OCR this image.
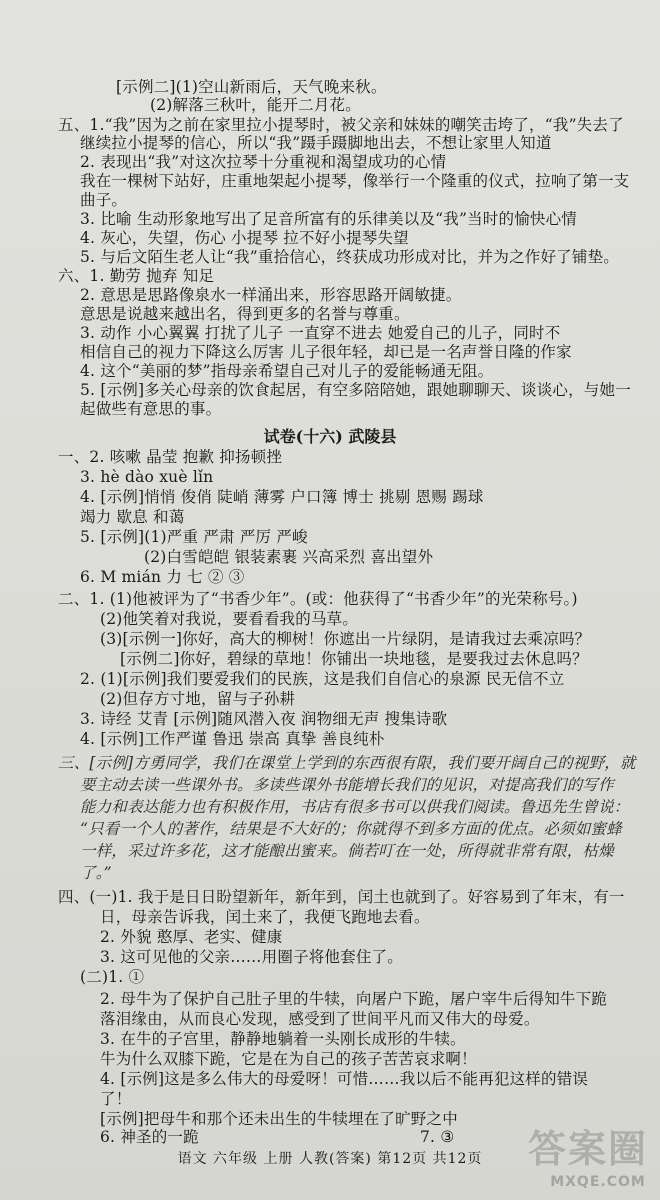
[示例二](1)空山新雨后，天气晚来秋。
(2)解落三秋叶，能开二月花。
五、1.“我”因为之前在家里拉小提琴时，被父亲和妹妹的嘲笑击垮了，“我”失去了
继续拉小提琴的信心，所以“我”蹑手蹑脚地出去，不想让家里人知道
2. 表现出“我”对这次拉琴十分重视和渴望成功的心情
我在一棵树下站好，庄重地架起小提琴，像举行一个隆重的仪式，拉响了第一支
曲子。
3. 比喻 生动形象地写出了足音所富有的乐律美以及“我”当时的愉快心情
4. 灰心，失望，伤心 小提琴 拉不好小提琴失望
5. 与后文陌生老人让“我”重拾信心，终获成功形成对比，并为之作好了铺垫。
六、1. 勤劳 抛弃 知足
2. 意思是思路像泉水一样涌出来，形容思路开阔敏捷。
意思是说越来越出名，得到更多的名誉与尊重。
3. 动作 小心翼翼 打扰了儿子 一直穿不进去 她爱自己的儿子，同时不
相信自己的视力下降这么厉害 儿子很年轻，却已是一名声誉日隆的作家
4. 这个“美丽的梦”指母亲希望自己对儿子的爱能畅通无阻。
5. [示例]多关心母亲的饮食起居，有空多陪陪她，跟她聊聊天、谈谈心，与她一
起做些有意思的事。
试卷(十六) 武陵县
一、2. 咳嗽 晶莹 抱歉 抑扬顿挫
3. hè dào xuè lǐn
4. [示例]悄悄 俊俏 陡峭 薄雾 户口簿 博士 挑剔 恩赐 踢球
竭力 歇息 和蔼
5. [示例](1)严重 严肃 严厉 严峻
(2)白雪皑皑 银装素裹 兴高采烈 喜出望外
6. M mián 力 七 ② ③
二、1. (1)他被评为了“书香少年”。(或：他获得了“书香少年”的光荣称号。)
(2)他笑着对我说，要看看我的马草。
(3)[示例一]你好，高大的柳树！你遮出一片绿阴，是请我过去乘凉吗？
[示例二]你好，碧绿的草地！你铺出一块地毯，是要我过去休息吗？
2. (1)[示例]我们要爱我们的民族，这是我们自信心的泉源 民无信不立
(2)但存方寸地，留与子孙耕
3. 诗经 艾青 [示例]随风潜入夜 润物细无声 搜集诗歌
4. [示例]工作严谨 鲁迅 崇高 真挚 善良纯朴
三、[示例]方勇同学，我们在课堂上学到的东西很有限，我们要开阔自己的视野，就
要主动去读一些课外书。多读些课外书能增长我们的见识，对提高我们的写作
能力和表达能力也有积极作用，书店有很多书可以供我们阅读。鲁迅先生曾说：
“只看一个人的著作，结果是不大好的；你就得不到多方面的优点。必须如蜜蜂
一样，采过许多花，这才能酿出蜜来。倘若叮在一处，所得就非常有限，枯燥
了。”
四、(一)1. 我于是日日盼望新年，新年到，闰土也就到了。好容易到了年末，有一
日，母亲告诉我，闰土来了，我便飞跑地去看。
2. 外貌 憨厚、老实、健康
3. 这可见他的父亲……用圈子将他套住了。
(二)1. ①
2. 母牛为了保护自己肚子里的牛犊，向屠户下跪，屠户宰牛后得知牛下跪
落泪缘由，从而良心发现，感受到了世间平凡而又伟大的母爱。
3. 在牛的子宫里，静静地躺着一头刚长成形的牛犊。
牛为什么双膝下跪，它是在为自己的孩子苦苦哀求啊！
4. [示例]这是多么伟大的母爱呀！可惜……我以后不能再犯这样的错误
了！
[示例]把母牛和那个还未出生的牛犊埋在了旷野之中
6. 神圣的一跪	7. ③
语文 六年级 上册 人教(答案) 第12页 共12页	答案圈
MXQE.COM
